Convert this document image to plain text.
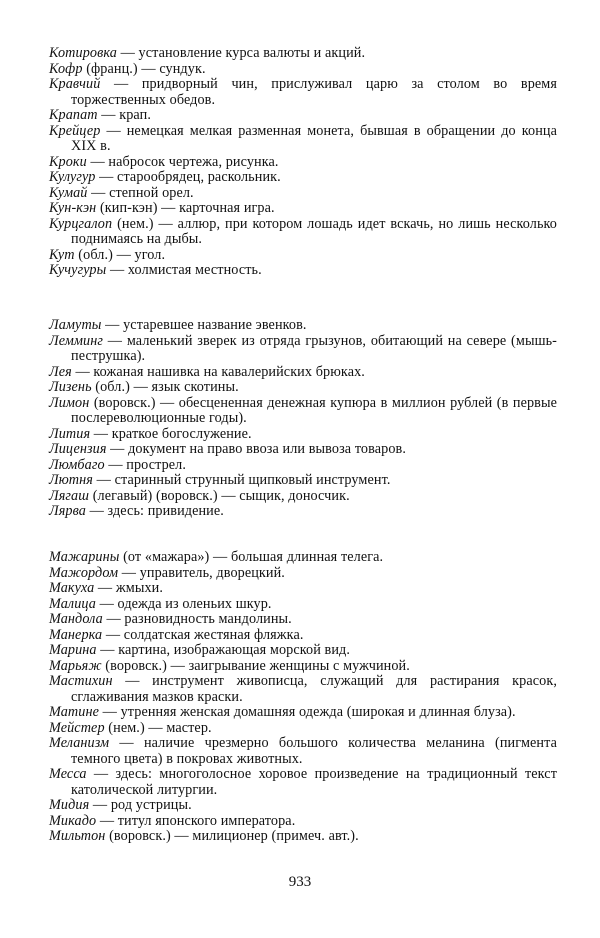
Котировка — установление курса валюты и акций.
Кофр (франц.) — сундук.
Кравчий — придворный чин, прислуживал царю за столом во время торжественных обедов.
Крапат — крап.
Крейцер — немецкая мелкая разменная монета, бывшая в обращении до конца XIX в.
Кроки — набросок чертежа, рисунка.
Кулугур — старообрядец, раскольник.
Кумай — степной орел.
Кун-кэн (кип-кэн) — карточная игра.
Курцгалоп (нем.) — аллюр, при котором лошадь идет вскачь, но лишь несколько поднимаясь на дыбы.
Кут (обл.) — угол.
Кучугуры — холмистая местность.
Ламуты — устаревшее название эвенков.
Лемминг — маленький зверек из отряда грызунов, обитающий на севере (мышь-пеструшка).
Лея — кожаная нашивка на кавалерийских брюках.
Лизень (обл.) — язык скотины.
Лимон (воровск.) — обесцененная денежная купюра в миллион рублей (в первые послереволюционные годы).
Лития — краткое богослужение.
Лицензия — документ на право ввоза или вывоза товаров.
Люмбаго — прострел.
Лютня — старинный струнный щипковый инструмент.
Лягаш (легавый) (воровск.) — сыщик, доносчик.
Лярва — здесь: привидение.
Мажарины (от «мажара») — большая длинная телега.
Мажордом — управитель, дворецкий.
Макуха — жмыхи.
Малица — одежда из оленьих шкур.
Мандола — разновидность мандолины.
Манерка — солдатская жестяная фляжка.
Марина — картина, изображающая морской вид.
Марьяж (воровск.) — заигрывание женщины с мужчиной.
Мастихин — инструмент живописца, служащий для растирания красок, сглаживания мазков краски.
Матине — утренняя женская домашняя одежда (широкая и длинная блуза).
Мейстер (нем.) — мастер.
Меланизм — наличие чрезмерно большого количества меланина (пигмента темного цвета) в покровах животных.
Месса — здесь: многоголосное хоровое произведение на традиционный текст католической литургии.
Мидия — род устрицы.
Микадо — титул японского императора.
Мильтон (воровск.) — милиционер (примеч. авт.).
933
